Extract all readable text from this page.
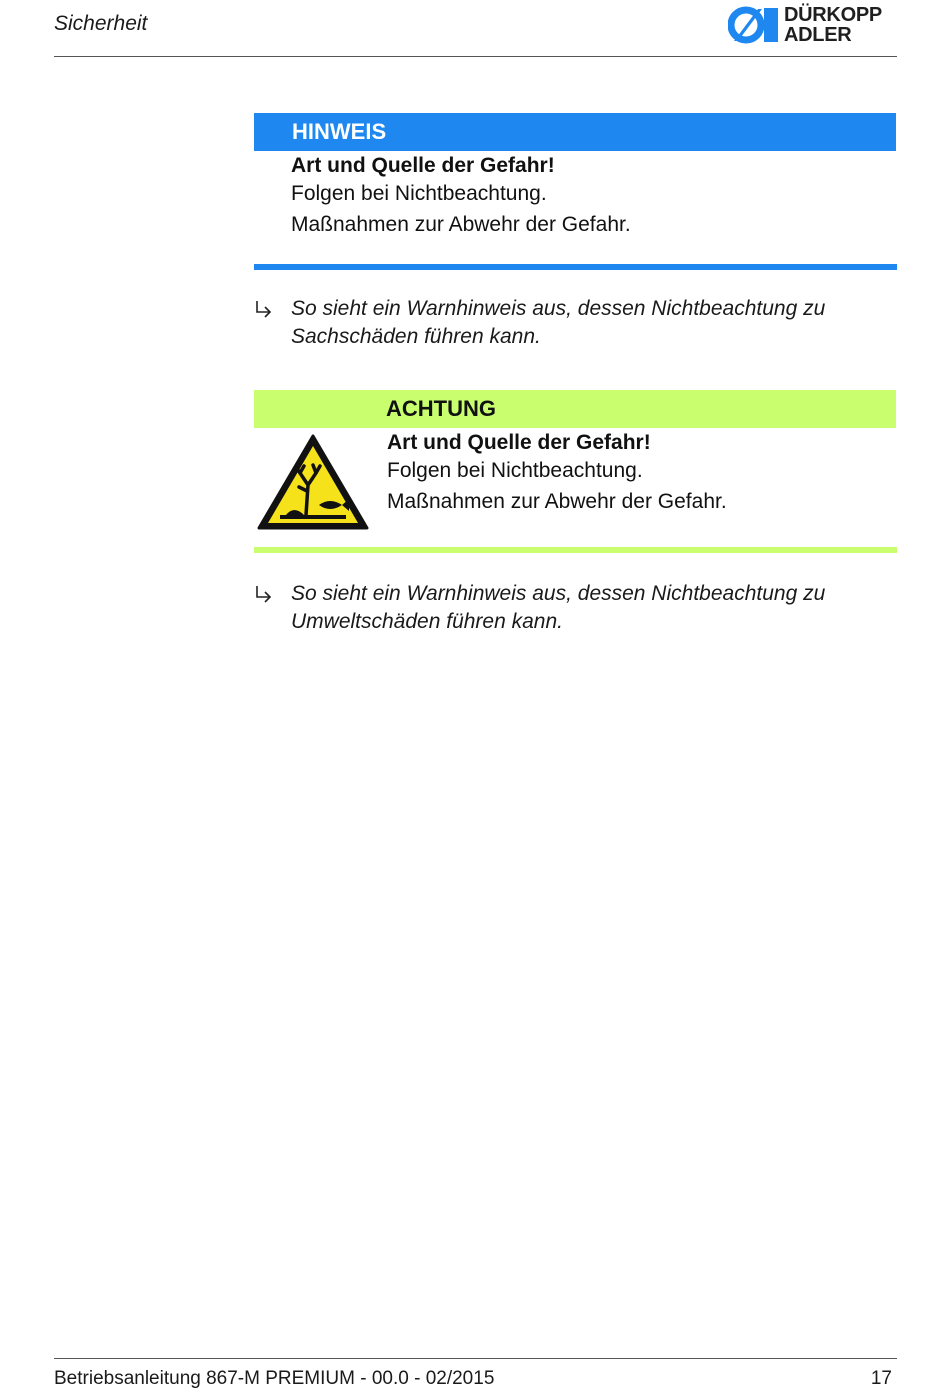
Sicherheit	DÜRKOPP
ADLER
HINWEIS
Art und Quelle der Gefahr!
Folgen bei Nichtbeachtung.
Maßnahmen zur Abwehr der Gefahr.
So sieht ein Warnhinweis aus, dessen Nichtbeachtung zu
Sachschäden führen kann.
ACHTUNG
Art und Quelle der Gefahr!
Folgen bei Nichtbeachtung.
Maßnahmen zur Abwehr der Gefahr.
So sieht ein Warnhinweis aus, dessen Nichtbeachtung zu
Umweltschäden führen kann.
Betriebsanleitung 867-M PREMIUM - 00.0 - 02/2015	17
